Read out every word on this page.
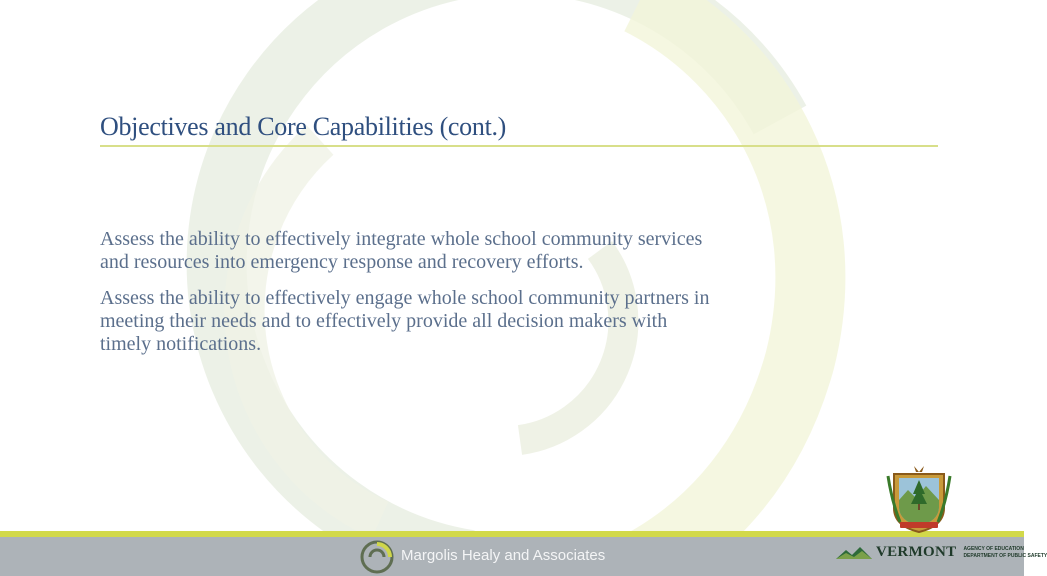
Objectives and Core Capabilities (cont.)

Assess the ability to effectively integrate whole school community services and resources into emergency response and recovery efforts.

Assess the ability to effectively engage whole school community partners in meeting their needs and to effectively provide all decision makers with timely notifications.

Margolis Healy and Associates	VERMONT AGENCY OF EDUCATION
DEPARTMENT OF PUBLIC SAFETY
